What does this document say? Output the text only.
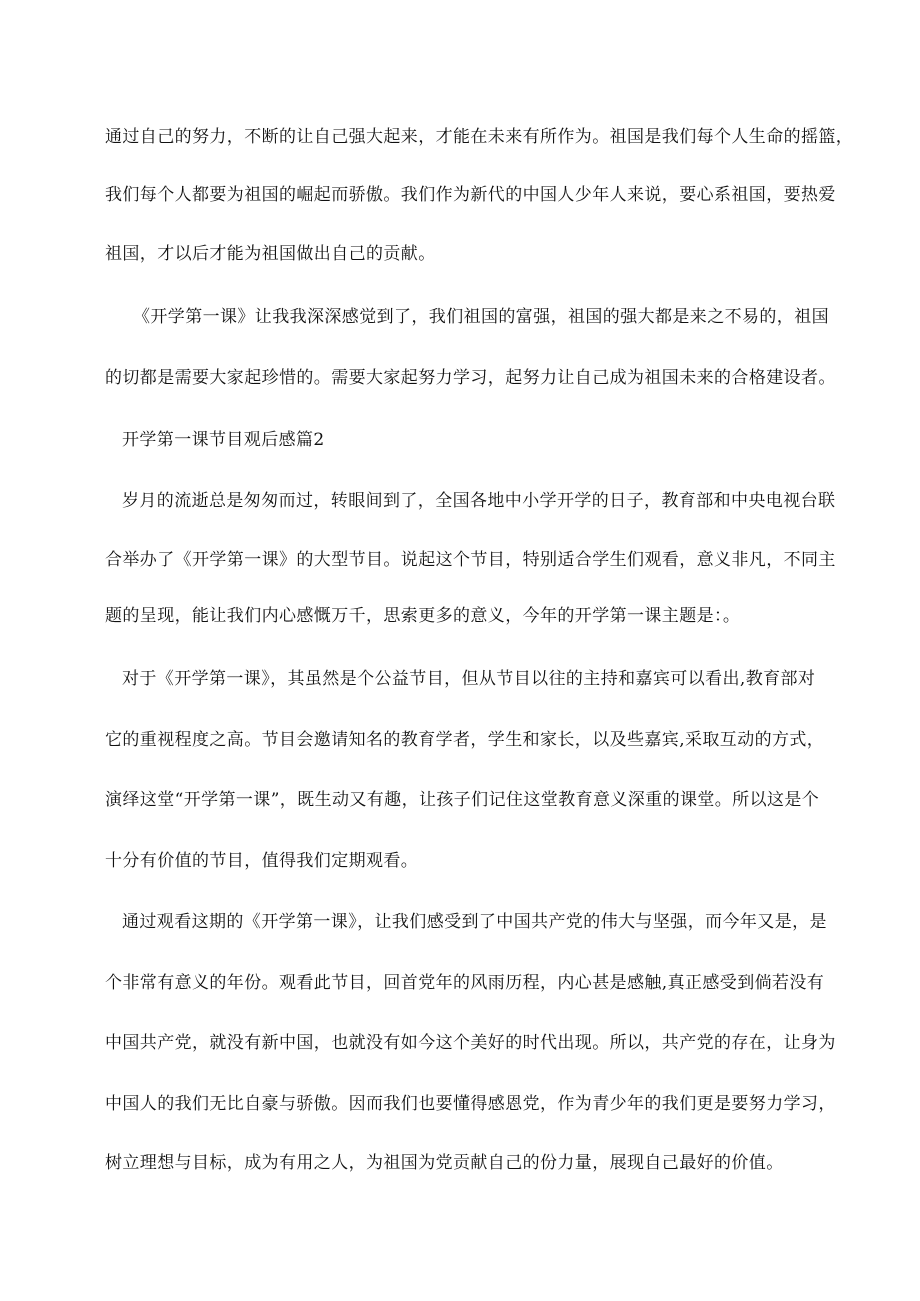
通过自己的努力，不断的让自己强大起来，才能在未来有所作为。祖国是我们每个人生命的摇篮，
我们每个人都要为祖国的崛起而骄傲。我们作为新代的中国人少年人来说，要心系祖国，要热爱
祖国，才以后才能为祖国做出自己的贡献。
《开学第一课》让我我深深感觉到了，我们祖国的富强，祖国的强大都是来之不易的，祖国
的切都是需要大家起珍惜的。需要大家起努力学习，起努力让自己成为祖国未来的合格建设者。
开学第一课节目观后感篇2
岁月的流逝总是匆匆而过，转眼间到了，全国各地中小学开学的日子，教育部和中央电视台联
合举办了《开学第一课》的大型节目。说起这个节目，特别适合学生们观看，意义非凡，不同主
题的呈现，能让我们内心感慨万千，思索更多的意义，今年的开学第一课主题是：。
对于《开学第一课》，其虽然是个公益节目，但从节目以往的主持和嘉宾可以看出,教育部对
它的重视程度之高。节目会邀请知名的教育学者，学生和家长，以及些嘉宾,采取互动的方式，
演绎这堂“开学第一课”，既生动又有趣，让孩子们记住这堂教育意义深重的课堂。所以这是个
十分有价值的节目，值得我们定期观看。
通过观看这期的《开学第一课》，让我们感受到了中国共产党的伟大与坚强，而今年又是，是
个非常有意义的年份。观看此节目，回首党年的风雨历程，内心甚是感触,真正感受到倘若没有
中国共产党，就没有新中国，也就没有如今这个美好的时代出现。所以，共产党的存在，让身为
中国人的我们无比自豪与骄傲。因而我们也要懂得感恩党，作为青少年的我们更是要努力学习，
树立理想与目标，成为有用之人，为祖国为党贡献自己的份力量，展现自己最好的价值。
